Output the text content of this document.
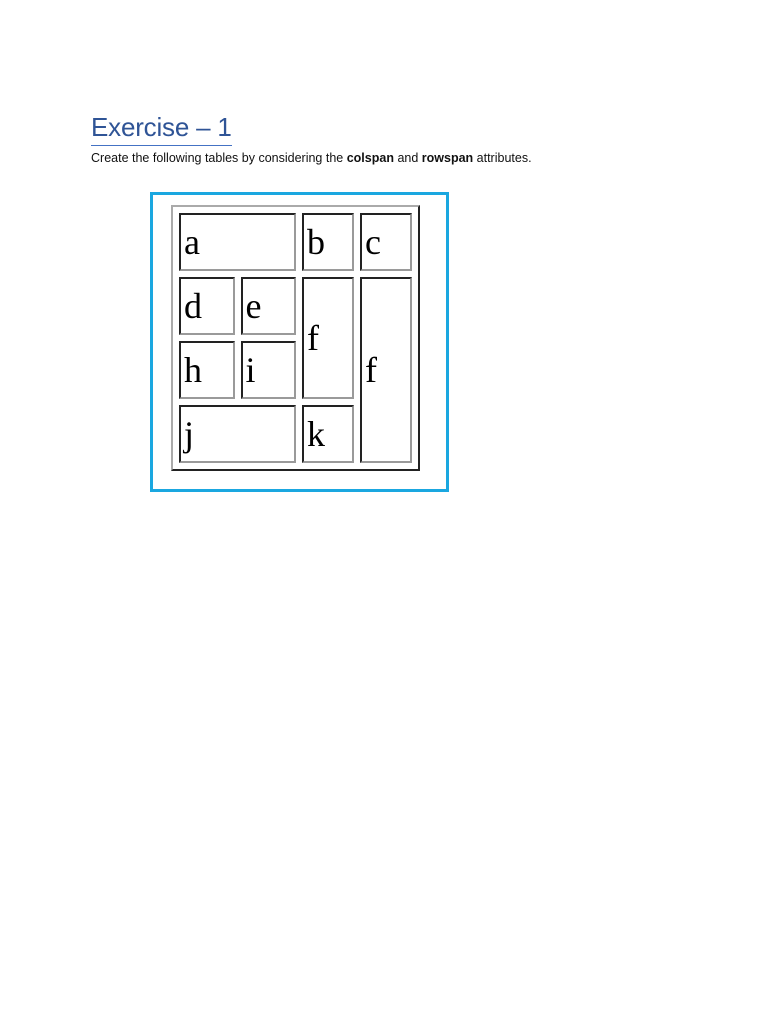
Exercise – 1

Create the following tables by considering the colspan and rowspan attributes.

a		b	c
d	e	f	f
h	i		
j		k	
